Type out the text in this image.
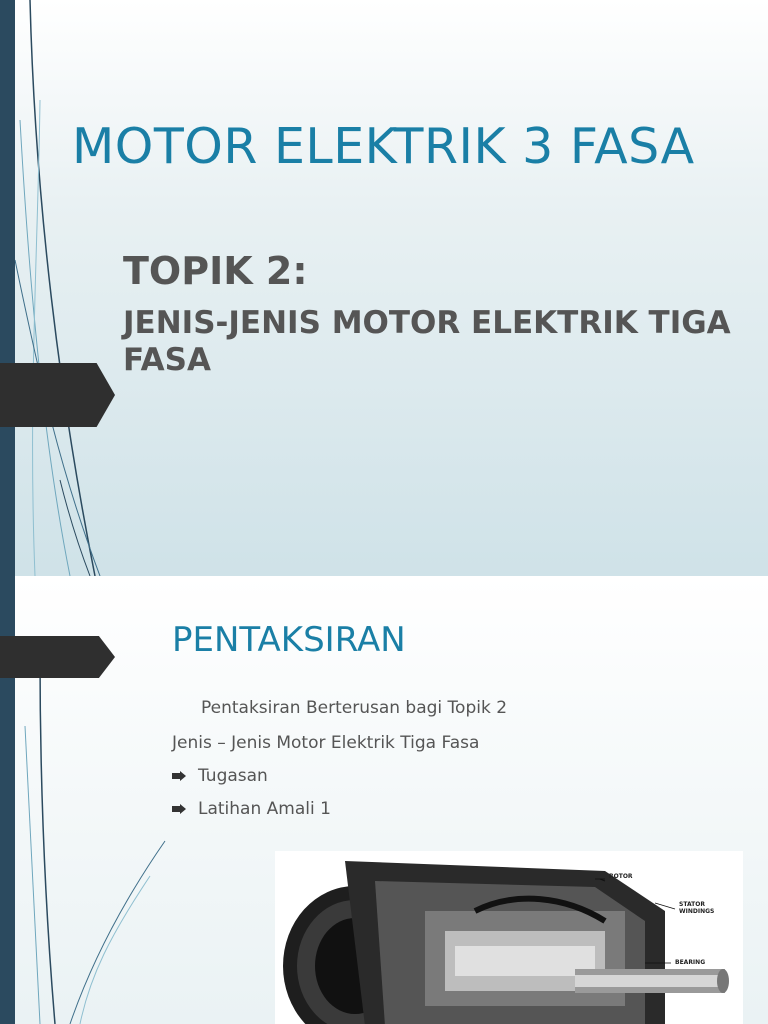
MOTOR ELEKTRIK 3 FASA
TOPIK 2:
JENIS-JENIS MOTOR ELEKTRIK TIGA FASA
PENTAKSIRAN
Pentaksiran Berterusan bagi Topik 2
Jenis – Jenis Motor Elektrik Tiga Fasa
Tugasan
Latihan Amali 1
ROTOR
STATOR WINDINGS
BEARING
